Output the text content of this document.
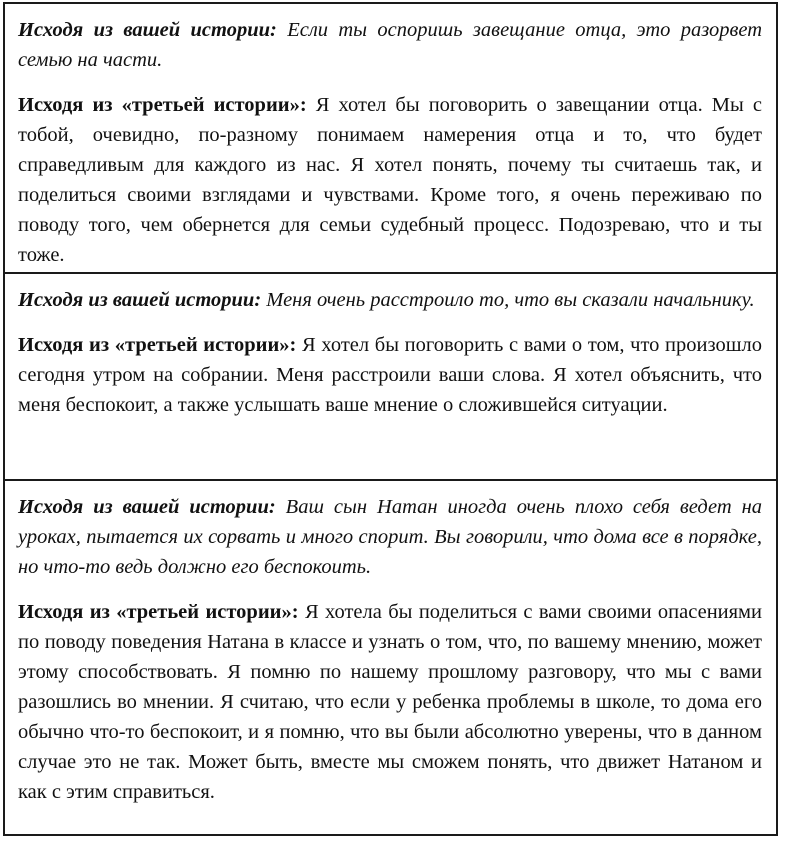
Исходя из вашей истории: Если ты оспоришь завещание отца, это разорвет семью на части.

Исходя из «третьей истории»: Я хотел бы поговорить о завещании отца. Мы с тобой, очевидно, по-разному понимаем намерения отца и то, что будет справедливым для каждого из нас. Я хотел понять, почему ты считаешь так, и поделиться своими взглядами и чувствами. Кроме того, я очень переживаю по поводу того, чем обернется для семьи судебный процесс. Подозреваю, что и ты тоже.

Исходя из вашей истории: Меня очень расстроило то, что вы сказали начальнику.

Исходя из «третьей истории»: Я хотел бы поговорить с вами о том, что произошло сегодня утром на собрании. Меня расстроили ваши слова. Я хотел объяснить, что меня беспокоит, а также услышать ваше мнение о сложившейся ситуации.

Исходя из вашей истории: Ваш сын Натан иногда очень плохо себя ведет на уроках, пытается их сорвать и много спорит. Вы говорили, что дома все в порядке, но что-то ведь должно его беспокоить.

Исходя из «третьей истории»: Я хотела бы поделиться с вами своими опасениями по поводу поведения Натана в классе и узнать о том, что, по вашему мнению, может этому способствовать. Я помню по нашему прошлому разговору, что мы с вами разошлись во мнении. Я считаю, что если у ребенка проблемы в школе, то дома его обычно что-то беспокоит, и я помню, что вы были абсолютно уверены, что в данном случае это не так. Может быть, вместе мы сможем понять, что движет Натаном и как с этим справиться.
